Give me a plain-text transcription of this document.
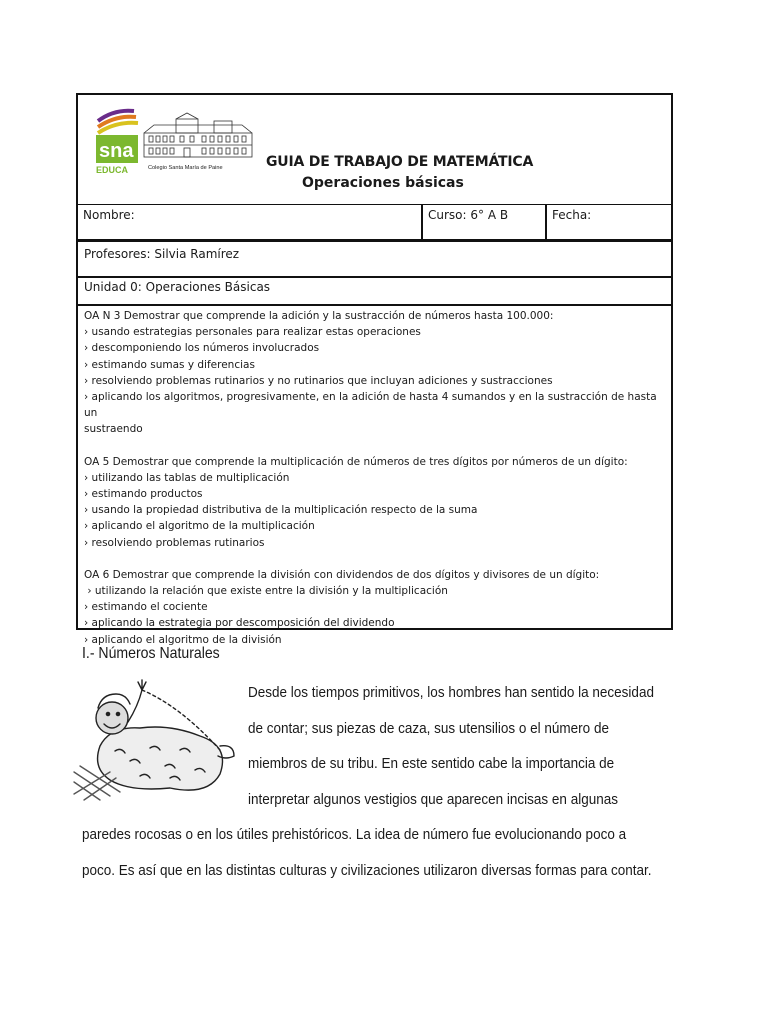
sna
EDUCA	Colegio Santa María de Paine	GUIA DE TRABAJO DE MATEMÁTICA
Operaciones básicas
Nombre:	Curso: 6° A B	Fecha:
Profesores: Silvia Ramírez
Unidad 0: Operaciones Básicas

OA N 3 Demostrar que comprende la adición y la sustracción de números hasta 100.000:

› usando estrategias personales para realizar estas operaciones

› descomponiendo los números involucrados

› estimando sumas y diferencias

› resolviendo problemas rutinarios y no rutinarios que incluyan adiciones y sustracciones

› aplicando los algoritmos, progresivamente, en la adición de hasta 4 sumandos y en la sustracción de hasta un

sustraendo

OA 5 Demostrar que comprende la multiplicación de números de tres dígitos por números de un dígito:

› utilizando las tablas de multiplicación

› estimando productos

› usando la propiedad distributiva de la multiplicación respecto de la suma

› aplicando el algoritmo de la multiplicación

› resolviendo problemas rutinarios

OA 6 Demostrar que comprende la división con dividendos de dos dígitos y divisores de un dígito:

› utilizando la relación que existe entre la división y la multiplicación

› estimando el cociente

› aplicando la estrategia por descomposición del dividendo

› aplicando el algoritmo de la división

I.- Números Naturales
Desde los tiempos primitivos, los hombres han sentido la necesidad
de contar; sus piezas de caza, sus utensilios o el número de
miembros de su tribu. En este sentido cabe la importancia de
interpretar algunos vestigios que aparecen incisas en algunas
paredes rocosas o en los útiles prehistóricos. La idea de número fue evolucionando poco a
poco. Es así que en las distintas culturas y civilizaciones utilizaron diversas formas para contar.
